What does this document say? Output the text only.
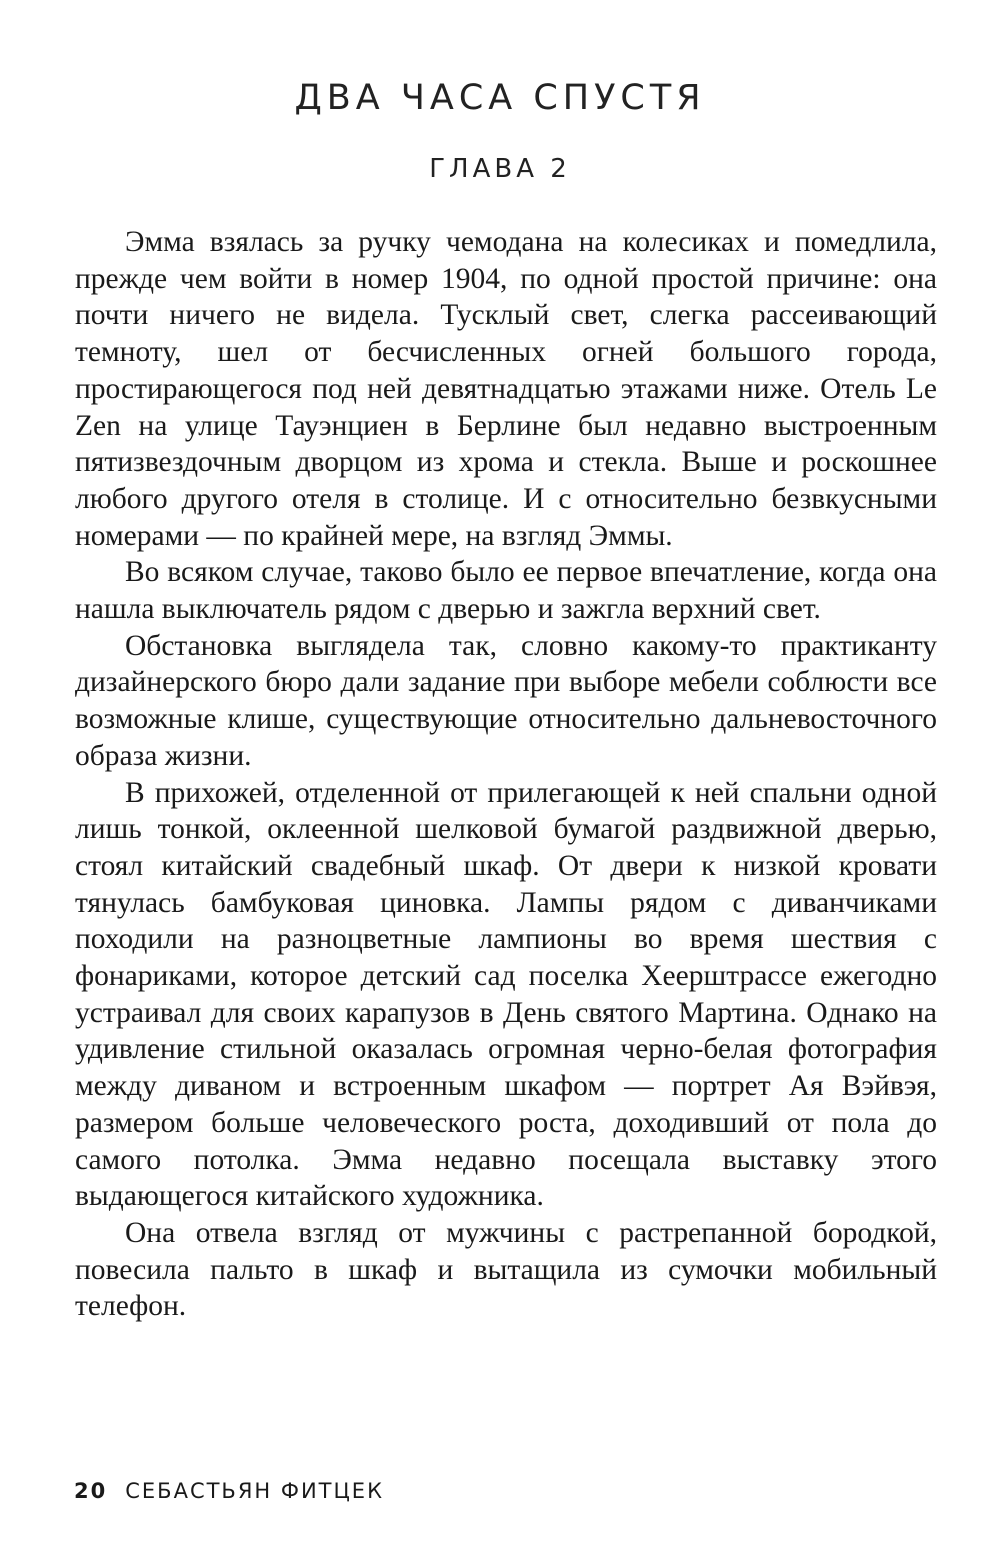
ДВА ЧАСА СПУСТЯ
ГЛАВА 2

Эмма взялась за ручку чемодана на колесиках и помедлила, прежде чем войти в номер 1904, по одной простой причине: она почти ничего не видела. Тусклый свет, слегка рассеивающий темноту, шел от бесчисленных огней большого города, простирающегося под ней девятнадцатью этажами ниже. Отель Le Zen на улице Тауэнциен в Берлине был недавно выстроенным пятизвездочным дворцом из хрома и стекла. Выше и роскошнее любого другого отеля в столице. И с относительно безвкусными номерами — по крайней мере, на взгляд Эммы.

Во всяком случае, таково было ее первое впечатление, когда она нашла выключатель рядом с дверью и зажгла верхний свет.

Обстановка выглядела так, словно какому-то практиканту дизайнерского бюро дали задание при выборе мебели соблюсти все возможные клише, существующие относительно дальневосточного образа жизни.

В прихожей, отделенной от прилегающей к ней спальни одной лишь тонкой, оклеенной шелковой бумагой раздвижной дверью, стоял китайский свадебный шкаф. От двери к низкой кровати тянулась бамбуковая циновка. Лампы рядом с диванчиками походили на разноцветные лампионы во время шествия с фонариками, которое детский сад поселка Хеерштрассе ежегодно устраивал для своих карапузов в День святого Мартина. Однако на удивление стильной оказалась огромная черно-белая фотография между диваном и встроенным шкафом — портрет Ая Вэйвэя, размером больше человеческого роста, доходивший от пола до самого потолка. Эмма недавно посещала выставку этого выдающегося китайского художника.

Она отвела взгляд от мужчины с растрепанной бородкой, повесила пальто в шкаф и вытащила из сумочки мобильный телефон.

20 СЕБАСТЬЯН ФИТЦЕК
